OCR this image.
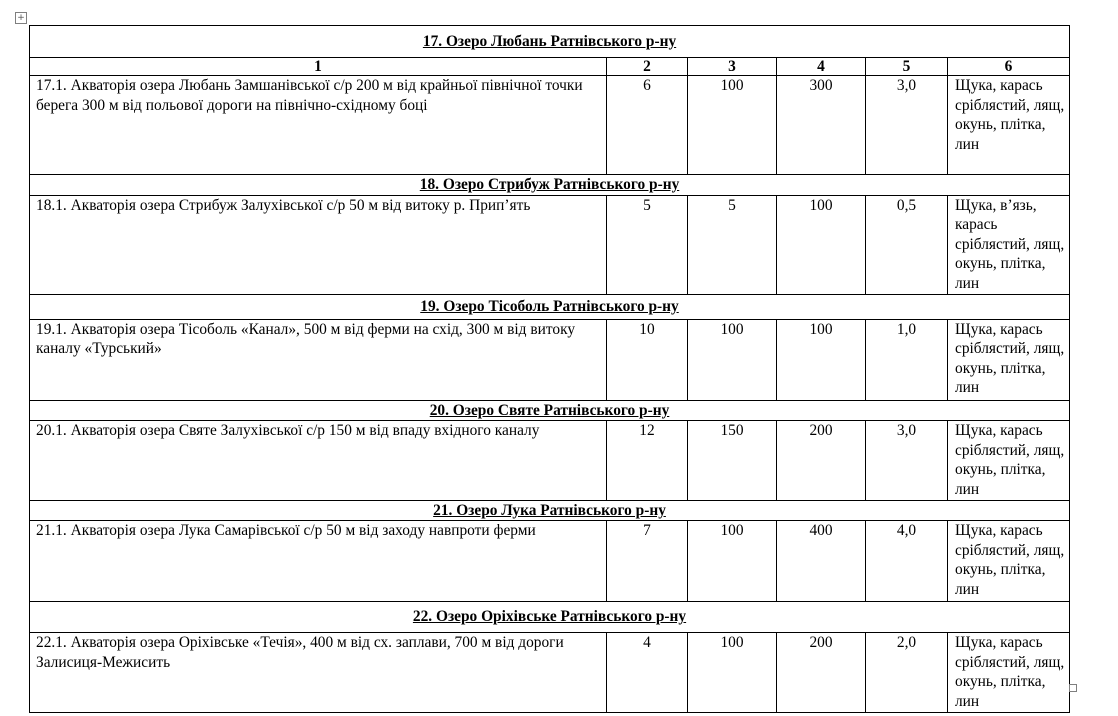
+
17. Озеро Любань Ратнівського р-ну					
1	2	3	4	5	6
17.1. Акваторія озера Любань Замшанівської с/р 200 м від крайньої північної точки берега 300 м від польової дороги на північно-східному боці	6	100	300	3,0	Щука, карась сріблястий, лящ, окунь, плітка, лин
18. Озеро Стрибуж Ратнівського р-ну					
18.1. Акваторія озера Стрибуж Залухівської с/р 50 м від витоку р. Прип’ять	5	5	100	0,5	Щука, в’язь, карась сріблястий, лящ, окунь, плітка, лин
19. Озеро Тісоболь Ратнівського р-ну					
19.1. Акваторія озера Тісоболь «Канал», 500 м від ферми на схід, 300 м від витоку каналу «Турський»	10	100	100	1,0	Щука, карась сріблястий, лящ, окунь, плітка, лин
20. Озеро Святе Ратнівського р-ну					
20.1. Акваторія озера Святе Залухівської с/р 150 м від впаду вхідного каналу	12	150	200	3,0	Щука, карась сріблястий, лящ, окунь, плітка, лин
21. Озеро Лука Ратнівського р-ну					
21.1. Акваторія озера Лука Самарівської с/р 50 м від заходу навпроти ферми	7	100	400	4,0	Щука, карась сріблястий, лящ, окунь, плітка, лин
22. Озеро Оріхівське Ратнівського р-ну					
22.1. Акваторія озера Оріхівське «Течія», 400 м від сх. заплави, 700 м від дороги Залисиця-Межисить	4	100	200	2,0	Щука, карась сріблястий, лящ, окунь, плітка, лин
